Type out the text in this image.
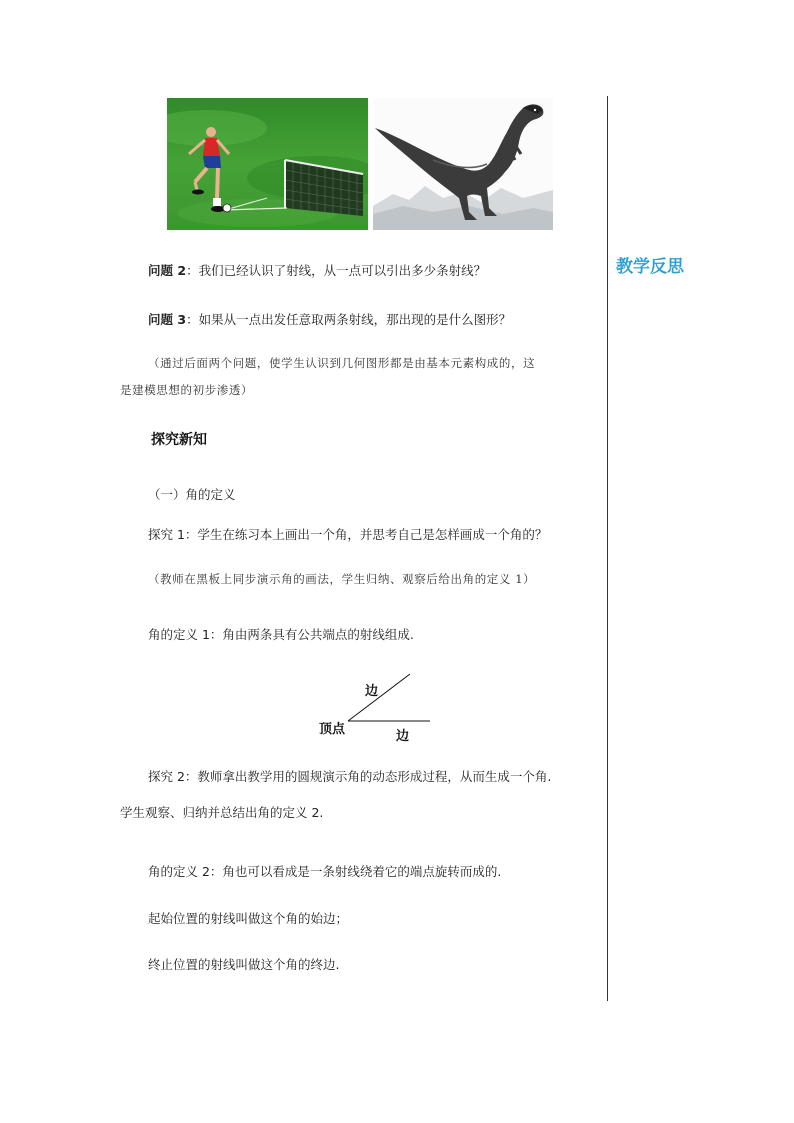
教学反思
问题 2：我们已经认识了射线，从一点可以引出多少条射线？
问题 3：如果从一点出发任意取两条射线，那出现的是什么图形？
（通过后面两个问题，使学生认识到几何图形都是由基本元素构成的，这
是建模思想的初步渗透）
探究新知
（一）角的定义
探究 1：学生在练习本上画出一个角，并思考自己是怎样画成一个角的？
（教师在黑板上同步演示角的画法，学生归纳、观察后给出角的定义 1）
角的定义 1：角由两条具有公共端点的射线组成.
边
顶点	边
探究 2：教师拿出教学用的圆规演示角的动态形成过程，从而生成一个角.
学生观察、归纳并总结出角的定义 2.
角的定义 2：角也可以看成是一条射线绕着它的端点旋转而成的.
起始位置的射线叫做这个角的始边；
终止位置的射线叫做这个角的终边.
